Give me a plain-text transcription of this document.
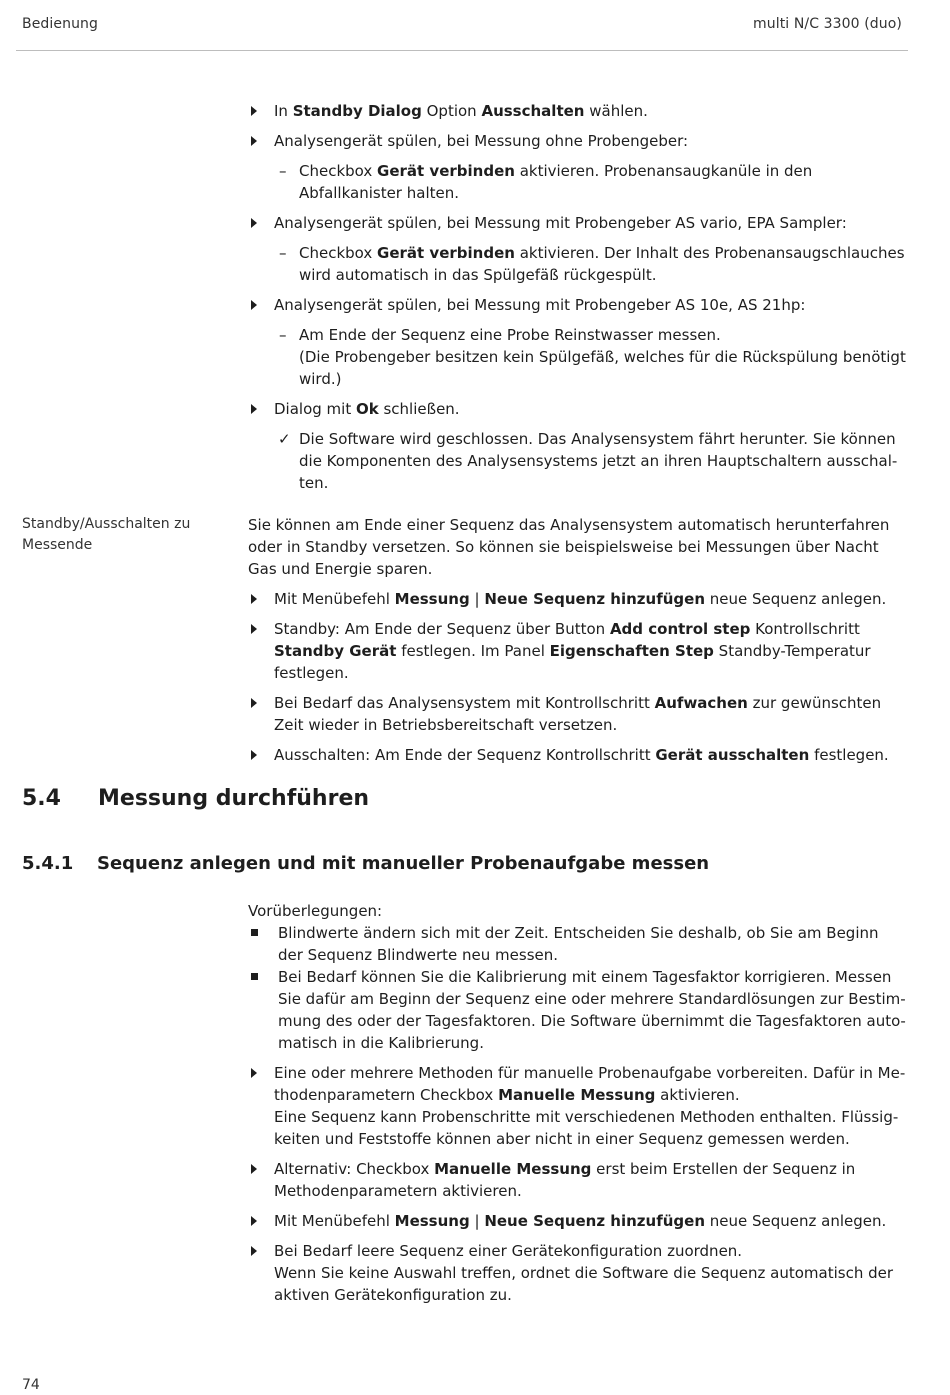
Bedienung	multi N/C 3300 (duo)
In Standby Dialog Option Ausschalten wählen.
Analysengerät spülen, bei Messung ohne Probengeber:
– Checkbox Gerät verbinden aktivieren. Probenansaugkanüle in den Abfallkanister halten.
Analysengerät spülen, bei Messung mit Probengeber AS vario, EPA Sampler:
– Checkbox Gerät verbinden aktivieren. Der Inhalt des Probenansaugschlauches wird automatisch in das Spülgefäß rückgespült.
Analysengerät spülen, bei Messung mit Probengeber AS 10e, AS 21hp:
– Am Ende der Sequenz eine Probe Reinstwasser messen.
(Die Probengeber besitzen kein Spülgefäß, welches für die Rückspülung benötigt wird.)
Dialog mit Ok schließen.
✓ Die Software wird geschlossen. Das Analysensystem fährt herunter. Sie können die Komponenten des Analysensystems jetzt an ihren Hauptschaltern ausschalten.
Standby/Ausschalten zu Messende
Sie können am Ende einer Sequenz das Analysensystem automatisch herunterfahren oder in Standby versetzen. So können sie beispielsweise bei Messungen über Nacht Gas und Energie sparen.
Mit Menübefehl Messung | Neue Sequenz hinzufügen neue Sequenz anlegen.
Standby: Am Ende der Sequenz über Button Add control step Kontrollschritt Standby Gerät festlegen. Im Panel Eigenschaften Step Standby-Temperatur festlegen.
Bei Bedarf das Analysensystem mit Kontrollschritt Aufwachen zur gewünschten Zeit wieder in Betriebsbereitschaft versetzen.
Ausschalten: Am Ende der Sequenz Kontrollschritt Gerät ausschalten festlegen.
5.4 Messung durchführen
5.4.1 Sequenz anlegen und mit manueller Probenaufgabe messen
Vorüberlegungen:
Blindwerte ändern sich mit der Zeit. Entscheiden Sie deshalb, ob Sie am Beginn der Sequenz Blindwerte neu messen.
Bei Bedarf können Sie die Kalibrierung mit einem Tagesfaktor korrigieren. Messen Sie dafür am Beginn der Sequenz eine oder mehrere Standardlösungen zur Bestimmung des oder der Tagesfaktoren. Die Software übernimmt die Tagesfaktoren automatisch in die Kalibrierung.
Eine oder mehrere Methoden für manuelle Probenaufgabe vorbereiten. Dafür in Methodenparametern Checkbox Manuelle Messung aktivieren.
Eine Sequenz kann Probenschritte mit verschiedenen Methoden enthalten. Flüssigkeiten und Feststoffe können aber nicht in einer Sequenz gemessen werden.
Alternativ: Checkbox Manuelle Messung erst beim Erstellen der Sequenz in Methodenparametern aktivieren.
Mit Menübefehl Messung | Neue Sequenz hinzufügen neue Sequenz anlegen.
Bei Bedarf leere Sequenz einer Gerätekonfiguration zuordnen.
Wenn Sie keine Auswahl treffen, ordnet die Software die Sequenz automatisch der aktiven Gerätekonfiguration zu.
74
